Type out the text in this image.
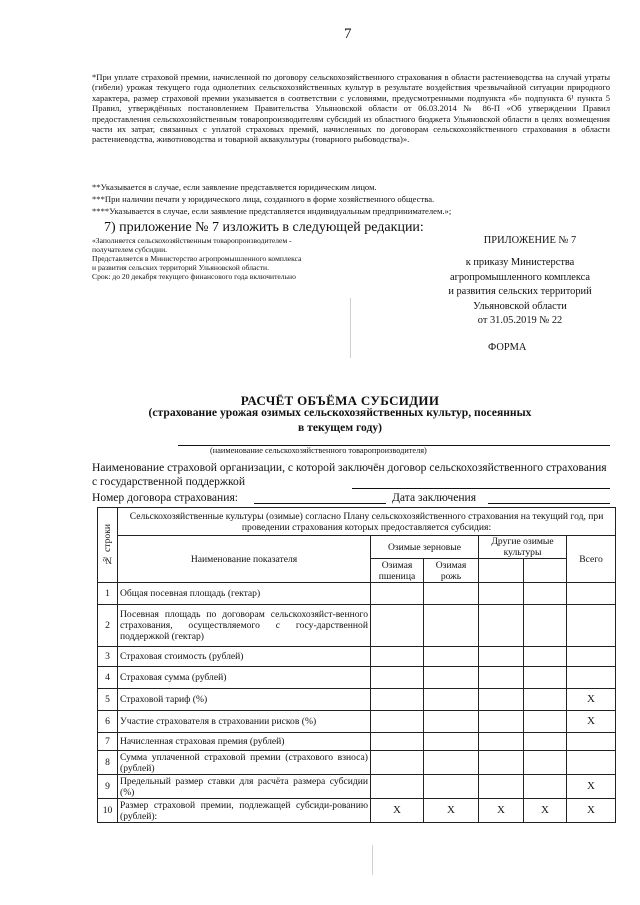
7
*При уплате страховой премии, начисленной по договору сельскохозяйственного страхования в области растениеводства на случай утраты (гибели) урожая текущего года однолетних сельскохозяйственных культур в результате воздействия чрезвычайной ситуации природного характера, размер страховой премии указывается в соответствии с условиями, предусмотренными подпункта «б» подпункта 6¹ пункта 5 Правил, утверждённых постановлением Правительства Ульяновской области от 06.03.2014 № 86-П «Об утверждении Правил предоставления сельскохозяйственным товаропроизводителям субсидий из областного бюджета Ульяновской области в целях возмещения части их затрат, связанных с уплатой страховых премий, начисленных по договорам сельскохозяйственного страхования в области растениеводства, животноводства и товарной аквакультуры (товарного рыбоводства)».
**Указывается в случае, если заявление представляется юридическим лицом.
***При наличии печати у юридического лица, созданного в форме хозяйственного общества.
****Указывается в случае, если заявление представляется индивидуальным предпринимателем.»;
7) приложение № 7 изложить в следующей редакции:
«Заполняется сельскохозяйственным товаропроизводителем -
получателем субсидии.
Представляется в Министерство агропромышленного комплекса
и развития сельских территорий Ульяновской области.
Срок: до 20 декабря текущего финансового года включительно
ПРИЛОЖЕНИЕ № 7
к приказу Министерства
агропромышленного комплекса
и развития сельских территорий
Ульяновской области
от 31.05.2019 № 22
ФОРМА
РАСЧЁТ ОБЪЁМА СУБСИДИИ
(страхование урожая озимых сельскохозяйственных культур, посеянных
в текущем году)
(наименование сельскохозяйственного товаропроизводителя)
Наименование страховой организации, с которой заключён договор сельскохозяйственного страхования с государственной поддержкой
Номер договора страхования:	Дата заключения
№ строки	Сельскохозяйственные культуры (озимые) согласно Плану сельскохозяйственного страхования на текущий год, при проведении страхования которых предоставляется субсидия:					
	Наименование показателя	Озимые зерновые		Другие озимые культуры		Всего
		Озимая пшеница	Озимая рожь			
1	Общая посевная площадь (гектар)					
2	Посевная площадь по договорам сельскохозяйст-венного страхования, осуществляемого с госу-дарственной поддержкой (гектар)					
3	Страховая стоимость (рублей)					
4	Страховая сумма (рублей)					
5	Страховой тариф (%)					X
6	Участие страхователя в страховании рисков (%)					X
7	Начисленная страховая премия (рублей)					
8	Сумма уплаченной страховой премии (страхового взноса) (рублей)					
9	Предельный размер ставки для расчёта размера субсидии (%)					X
10	Размер страховой премии, подлежащей субсиди-рованию (рублей):	X	X	X	X	X
